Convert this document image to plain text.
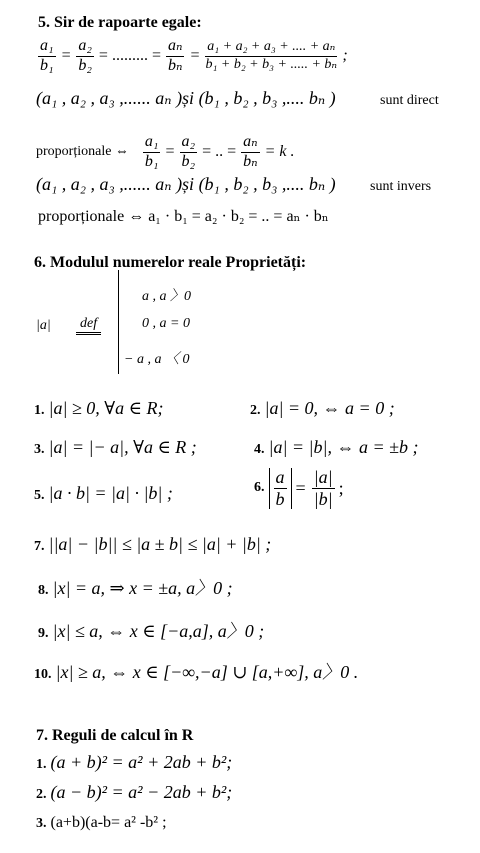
5. Sir de rapoarte egale:
$\frac{\text{a₁}}{\text{b₁}} = \frac{\text{a₂}}{\text{b₂}}$ = ......... = $\frac{\text{aₙ}}{\text{bₙ}} = \frac{\text{a₁ + a₂ + a₃ + .... + aₙ}}{\text{b₁ + b₂ + b₃ + ..... + bₙ}}$ ;
(a₁ , a₂ , a₃ ,...... aₙ )și (b₁ , b₂ , b₃ ,.... bₙ )	sunt direct
proporționale ⇔ $\frac{\text{a₁}}{\text{b₁}} = \frac{\text{a₂}}{\text{b₂}}$ = .. = $\frac{\text{aₙ}}{\text{bₙ}} = k$ .
(a₁ , a₂ , a₃ ,...... aₙ )și (b₁ , b₂ , b₃ ,.... bₙ ) sunt invers
proporționale ⇔ a₁ · b₁ = a₂ · b₂ = .. = aₙ · bₙ
6. Modulul numerelor reale Proprietăți:
|a| def
a , a 〉0
0 , a = 0
− a , a 〈 0
1. |a| ≥ 0, ∀a ∈ R;	2. |a| = 0, ⇔ a = 0 ;
3. |a| = |− a|, ∀a ∈ R ;	4. |a| = |b|, ⇔ a = ±b ;
5. |a · b| = |a| · |b| ;	6. $\frac{a}{b} = \frac{|a|}{|b|}$ ;
7. ||a| − |b|| ≤ |a ± b| ≤ |a| + |b| ;
8. |x| = a, ⇒ x = ±a, a〉0 ;
9. |x| ≤ a, ⇔ x ∈ [−a,a], a〉0 ;
10. |x| ≥ a, ⇔ x ∈ [−∞,−a] ∪ [a,+∞], a〉0 .
7. Reguli de calcul în R
1. (a + b)² = a² + 2ab + b²;
2. (a − b)² = a² − 2ab + b²;
3. (a+b)(a-b= a² -b² ;
